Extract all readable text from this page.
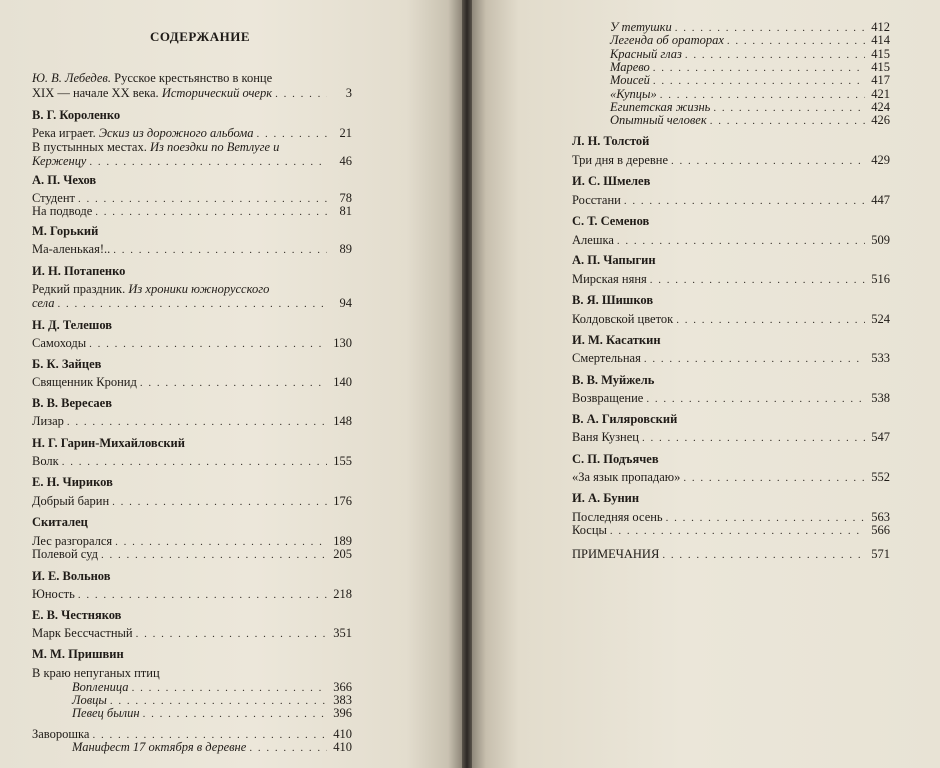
СОДЕРЖАНИЕ
Ю. В. Лебедев. Русское крестьянство в конце
XIX — начале XX века. Исторический очерк . . .	3
В. Г. Короленко
Река играет. Эскиз из дорожного альбома . . .	21
В пустынных местах. Из поездки по Ветлуге и
Керженцу . . .	46
А. П. Чехов
Студент . . .	78
На подводе . . .	81
М. Горький
Ма-аленькая!.. . . .	89
И. Н. Потапенко
Редкий праздник. Из хроники южнорусского
села . . .	94
Н. Д. Телешов
Самоходы . . .	130
Б. К. Зайцев
Священник Кронид . . .	140
В. В. Вересаев
Лизар . . .	148
Н. Г. Гарин-Михайловский
Волк . . .	155
Е. Н. Чириков
Добрый барин . . .	176
Скиталец
Лес разгорался . . .	189
Полевой суд . . .	205
И. Е. Вольнов
Юность . . .	218
Е. В. Честняков
Марк Бессчастный . . .	351
М. М. Пришвин
В краю непуганых птиц
Вопленица . . .	366
Ловцы . . .	383
Певец былин . . .	396
Заворошка . . .	410
Манифест 17 октября в деревне . . .	410
У тетушки . . .	412
Легенда об ораторах . . .	414
Красный глаз . . .	415
Марево . . .	415
Моисей . . .	417
«Купцы» . . .	421
Египетская жизнь . . .	424
Опытный человек . . .	426
Л. Н. Толстой
Три дня в деревне . . .	429
И. С. Шмелев
Росстани . . .	447
С. Т. Семенов
Алешка . . .	509
А. П. Чапыгин
Мирская няня . . .	516
В. Я. Шишков
Колдовской цветок . . .	524
И. М. Касаткин
Смертельная . . .	533
В. В. Муйжель
Возвращение . . .	538
В. А. Гиляровский
Ваня Кузнец . . .	547
С. П. Подъячев
«За язык пропадаю» . . .	552
И. А. Бунин
Последняя осень . . .	563
Косцы . . .	566
ПРИМЕЧАНИЯ . . .	571
